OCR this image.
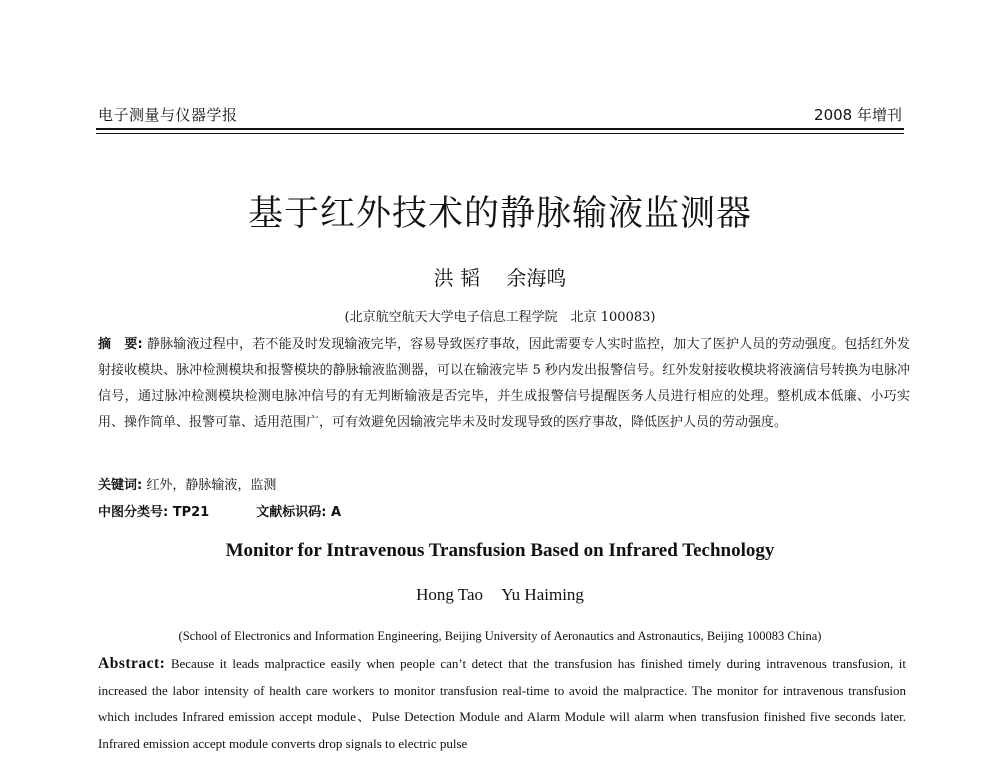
电子测量与仪器学报	2008 年增刊
基于红外技术的静脉输液监测器
洪 韬 余海鸣
(北京航空航天大学电子信息工程学院　北京 100083)
摘　要: 静脉输液过程中，若不能及时发现输液完毕，容易导致医疗事故，因此需要专人实时监控，加大了医护人员的劳动强度。包括红外发射接收模块、脉冲检测模块和报警模块的静脉输液监测器，可以在输液完毕 5 秒内发出报警信号。红外发射接收模块将液滴信号转换为电脉冲信号，通过脉冲检测模块检测电脉冲信号的有无判断输液是否完毕，并生成报警信号提醒医务人员进行相应的处理。整机成本低廉、小巧实用、操作简单、报警可靠、适用范围广，可有效避免因输液完毕未及时发现导致的医疗事故，降低医护人员的劳动强度。
关键词: 红外，静脉输液，监测
中图分类号: TP21	文献标识码: A
Monitor for Intravenous Transfusion Based on Infrared Technology
Hong Tao Yu Haiming
(School of Electronics and Information Engineering, Beijing University of Aeronautics and Astronautics, Beijing 100083 China)
Abstract: Because it leads malpractice easily when people can’t detect that the transfusion has finished timely during intravenous transfusion, it increased the labor intensity of health care workers to monitor transfusion real-time to avoid the malpractice. The monitor for intravenous transfusion which includes Infrared emission accept module、Pulse Detection Module and Alarm Module will alarm when transfusion finished five seconds later. Infrared emission accept module converts drop signals to electric pulse
